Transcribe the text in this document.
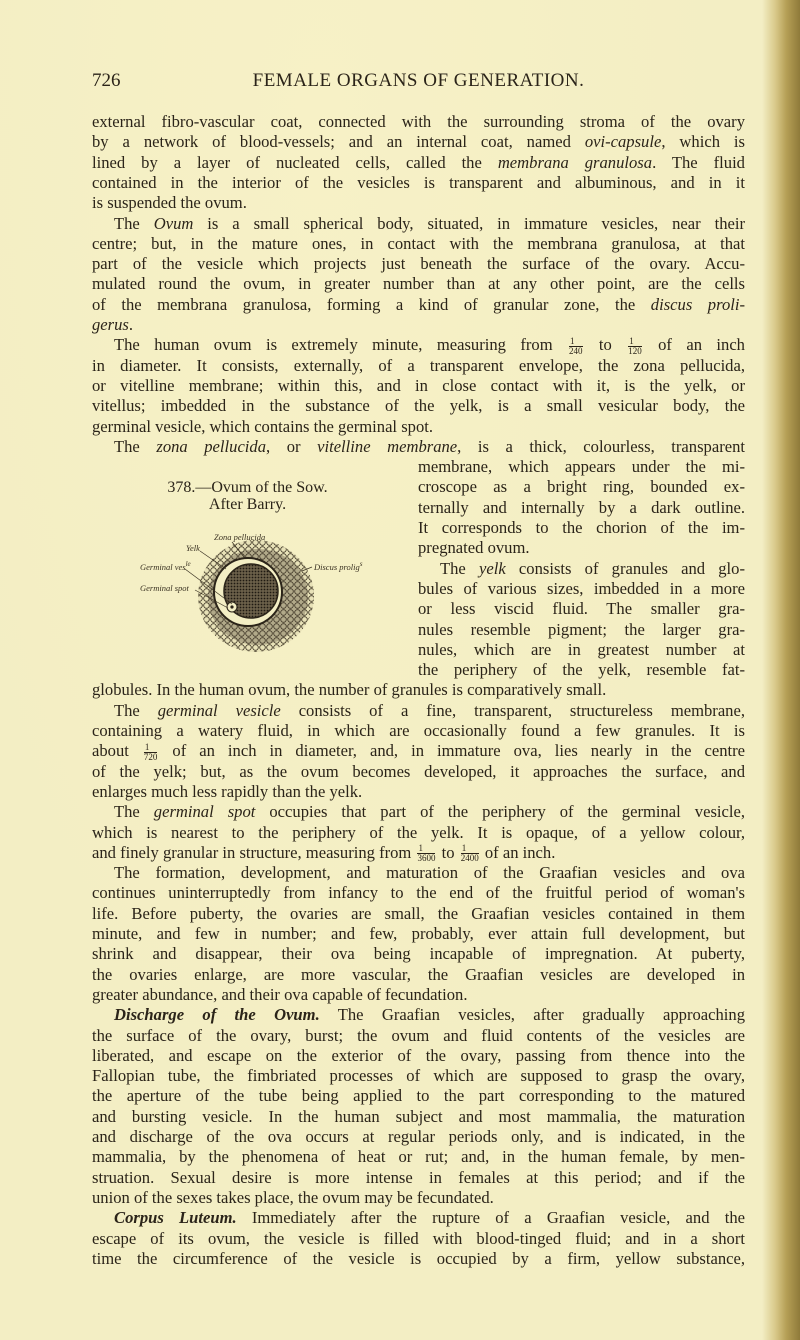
726	FEMALE ORGANS OF GENERATION.
external fibro-vascular coat, connected with the surrounding stroma of the ovary
by a network of blood-vessels; and an internal coat, named ovi-capsule, which is
lined by a layer of nucleated cells, called the membrana granulosa. The fluid
contained in the interior of the vesicles is transparent and albuminous, and in it
is suspended the ovum.
The Ovum is a small spherical body, situated, in immature vesicles, near their
centre; but, in the mature ones, in contact with the membrana granulosa, at that
part of the vesicle which projects just beneath the surface of the ovary. Accu-
mulated round the ovum, in greater number than at any other point, are the cells
of the membrana granulosa, forming a kind of granular zone, the discus proli-
gerus.
The human ovum is extremely minute, measuring from $\frac{1}{240}$ to $\frac{1}{120}$ of an inch
in diameter. It consists, externally, of a transparent envelope, the zona pellucida,
or vitelline membrane; within this, and in close contact with it, is the yelk, or
vitellus; imbedded in the substance of the yelk, is a small vesicular body, the
germinal vesicle, which contains the germinal spot.
The zona pellucida, or vitelline membrane, is a thick, colourless, transparent
membrane, which appears under the mi-
croscope as a bright ring, bounded ex-
ternally and internally by a dark outline.
It corresponds to the chorion of the im-
pregnated ovum.
The yelk consists of granules and glo-
bules of various sizes, imbedded in a more
or less viscid fluid. The smaller gra-
nules resemble pigment; the larger gra-
nules, which are in greatest number at
the periphery of the yelk, resemble fat-
globules. In the human ovum, the number of granules is comparatively small.
The germinal vesicle consists of a fine, transparent, structureless membrane,
containing a watery fluid, in which are occasionally found a few granules. It is
about $\frac{1}{720}$ of an inch in diameter, and, in immature ova, lies nearly in the centre
of the yelk; but, as the ovum becomes developed, it approaches the surface, and
enlarges much less rapidly than the yelk.
The germinal spot occupies that part of the periphery of the germinal vesicle,
which is nearest to the periphery of the yelk. It is opaque, of a yellow colour,
and finely granular in structure, measuring from $\frac{1}{3600}$ to $\frac{1}{2400}$ of an inch.
The formation, development, and maturation of the Graafian vesicles and ova
continues uninterruptedly from infancy to the end of the fruitful period of woman's
life. Before puberty, the ovaries are small, the Graafian vesicles contained in them
minute, and few in number; and few, probably, ever attain full development, but
shrink and disappear, their ova being incapable of impregnation. At puberty,
the ovaries enlarge, are more vascular, the Graafian vesicles are developed in
greater abundance, and their ova capable of fecundation.
Discharge of the Ovum. The Graafian vesicles, after gradually approaching
the surface of the ovary, burst; the ovum and fluid contents of the vesicles are
liberated, and escape on the exterior of the ovary, passing from thence into the
Fallopian tube, the fimbriated processes of which are supposed to grasp the ovary,
the aperture of the tube being applied to the part corresponding to the matured
and bursting vesicle. In the human subject and most mammalia, the maturation
and discharge of the ova occurs at regular periods only, and is indicated, in the
mammalia, by the phenomena of heat or rut; and, in the human female, by men-
struation. Sexual desire is more intense in females at this period; and if the
union of the sexes takes place, the ovum may be fecundated.
Corpus Luteum. Immediately after the rupture of a Graafian vesicle, and the
escape of its ovum, the vesicle is filled with blood-tinged fluid; and in a short
time the circumference of the vesicle is occupied by a firm, yellow substance,
378.—Ovum of the Sow.
After Barry.
Zona pellucida
Yelk
Germinal ves$^{le}$
Germinal spot
Discus prolig$^s$
